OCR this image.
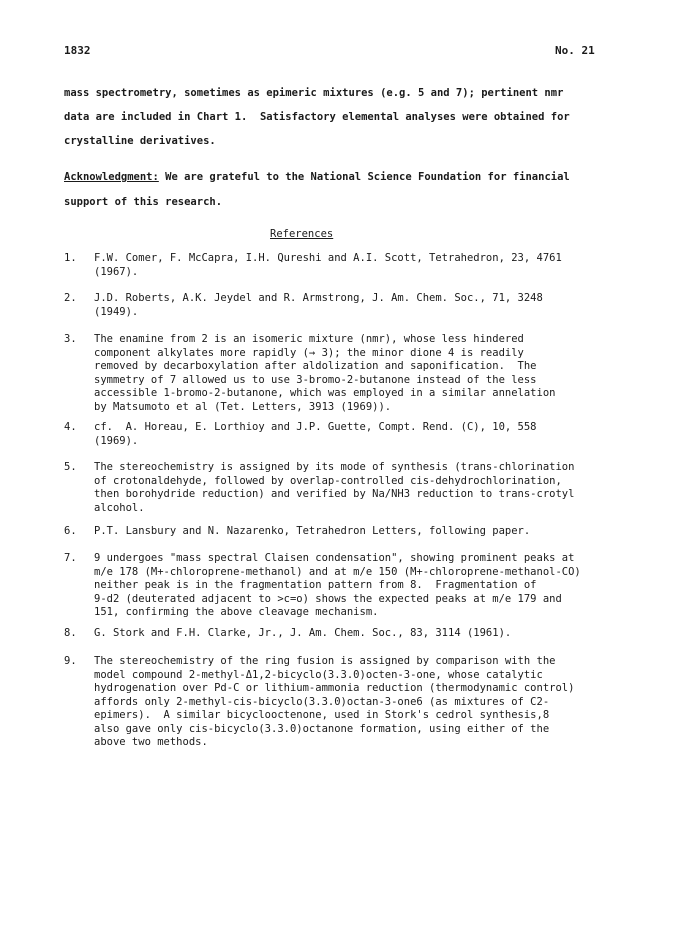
1832	No. 21
mass spectrometry, sometimes as epimeric mixtures (e.g. 5 and 7); pertinent nmr
data are included in Chart 1.  Satisfactory elemental analyses were obtained for
crystalline derivatives.
Acknowledgment: We are grateful to the National Science Foundation for financial
support of this research.
References
1. F.W. Comer, F. McCapra, I.H. Qureshi and A.I. Scott, Tetrahedron, 23, 4761
(1967).
2. J.D. Roberts, A.K. Jeydel and R. Armstrong, J. Am. Chem. Soc., 71, 3248
(1949).
3. The enamine from 2 is an isomeric mixture (nmr), whose less hindered
component alkylates more rapidly (→ 3); the minor dione 4 is readily
removed by decarboxylation after aldolization and saponification.  The
symmetry of 7 allowed us to use 3-bromo-2-butanone instead of the less
accessible 1-bromo-2-butanone, which was employed in a similar annelation
by Matsumoto et al (Tet. Letters, 3913 (1969)).
4. cf.  A. Horeau, E. Lorthioy and J.P. Guette, Compt. Rend. (C), 10, 558
(1969).
5. The stereochemistry is assigned by its mode of synthesis (trans-chlorination
of crotonaldehyde, followed by overlap-controlled cis-dehydrochlorination,
then borohydride reduction) and verified by Na/NH3 reduction to trans-crotyl
alcohol.
6. P.T. Lansbury and N. Nazarenko, Tetrahedron Letters, following paper.
7. 9 undergoes "mass spectral Claisen condensation", showing prominent peaks at
m/e 178 (M+-chloroprene-methanol) and at m/e 150 (M+-chloroprene-methanol-CO)
neither peak is in the fragmentation pattern from 8.  Fragmentation of
9-d2 (deuterated adjacent to >c=o) shows the expected peaks at m/e 179 and
151, confirming the above cleavage mechanism.
8. G. Stork and F.H. Clarke, Jr., J. Am. Chem. Soc., 83, 3114 (1961).
9. The stereochemistry of the ring fusion is assigned by comparison with the
model compound 2-methyl-Δ1,2-bicyclo(3.3.0)octen-3-one, whose catalytic
hydrogenation over Pd-C or lithium-ammonia reduction (thermodynamic control)
affords only 2-methyl-cis-bicyclo(3.3.0)octan-3-one6 (as mixtures of C2-
epimers).  A similar bicyclooctenone, used in Stork's cedrol synthesis,8
also gave only cis-bicyclo(3.3.0)octanone formation, using either of the
above two methods.
